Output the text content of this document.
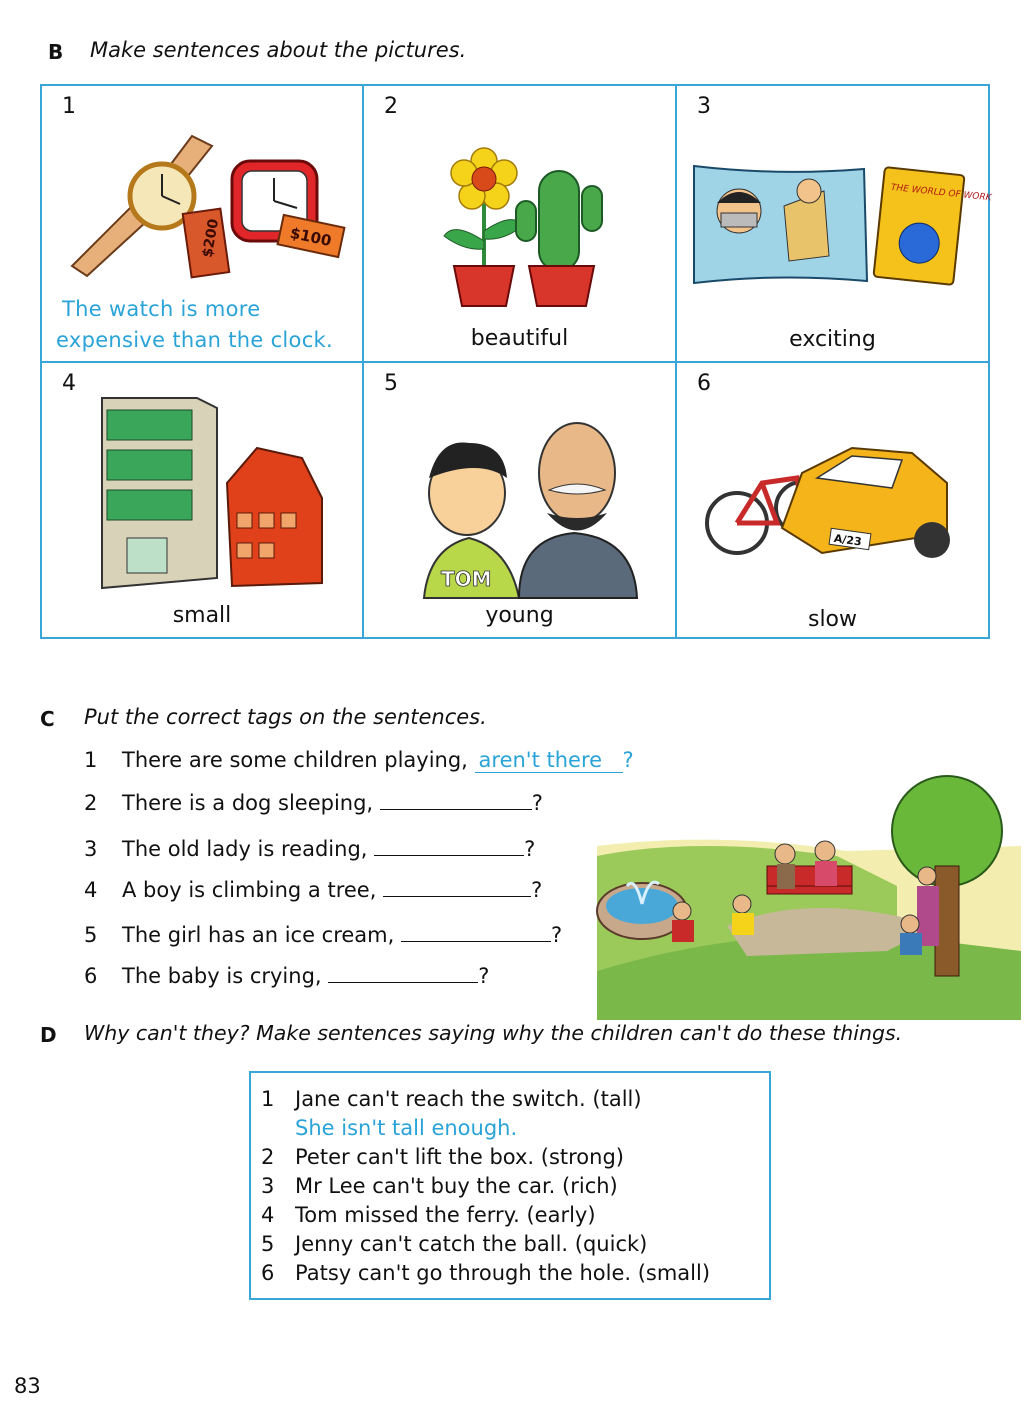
B Make sentences about the pictures.
1
$200	$100
The watch is more
expensive than the clock.
2
beautiful
3
THE WORLD OF WORK
exciting
4
small
5
TOM
young
6
A/23
slow
C Put the correct tags on the sentences.
1 There are some children playing, aren't there ?
2 There is a dog sleeping,	?
3 The old lady is reading,	?
4 A boy is climbing a tree,	?
5 The girl has an ice cream,	?
6 The baby is crying,	?
D Why can't they? Make sentences saying why the children can't do these things.
1 Jane can't reach the switch. (tall)
She isn't tall enough.
2 Peter can't lift the box. (strong)
3 Mr Lee can't buy the car. (rich)
4 Tom missed the ferry. (early)
5 Jenny can't catch the ball. (quick)
6 Patsy can't go through the hole. (small)
83
